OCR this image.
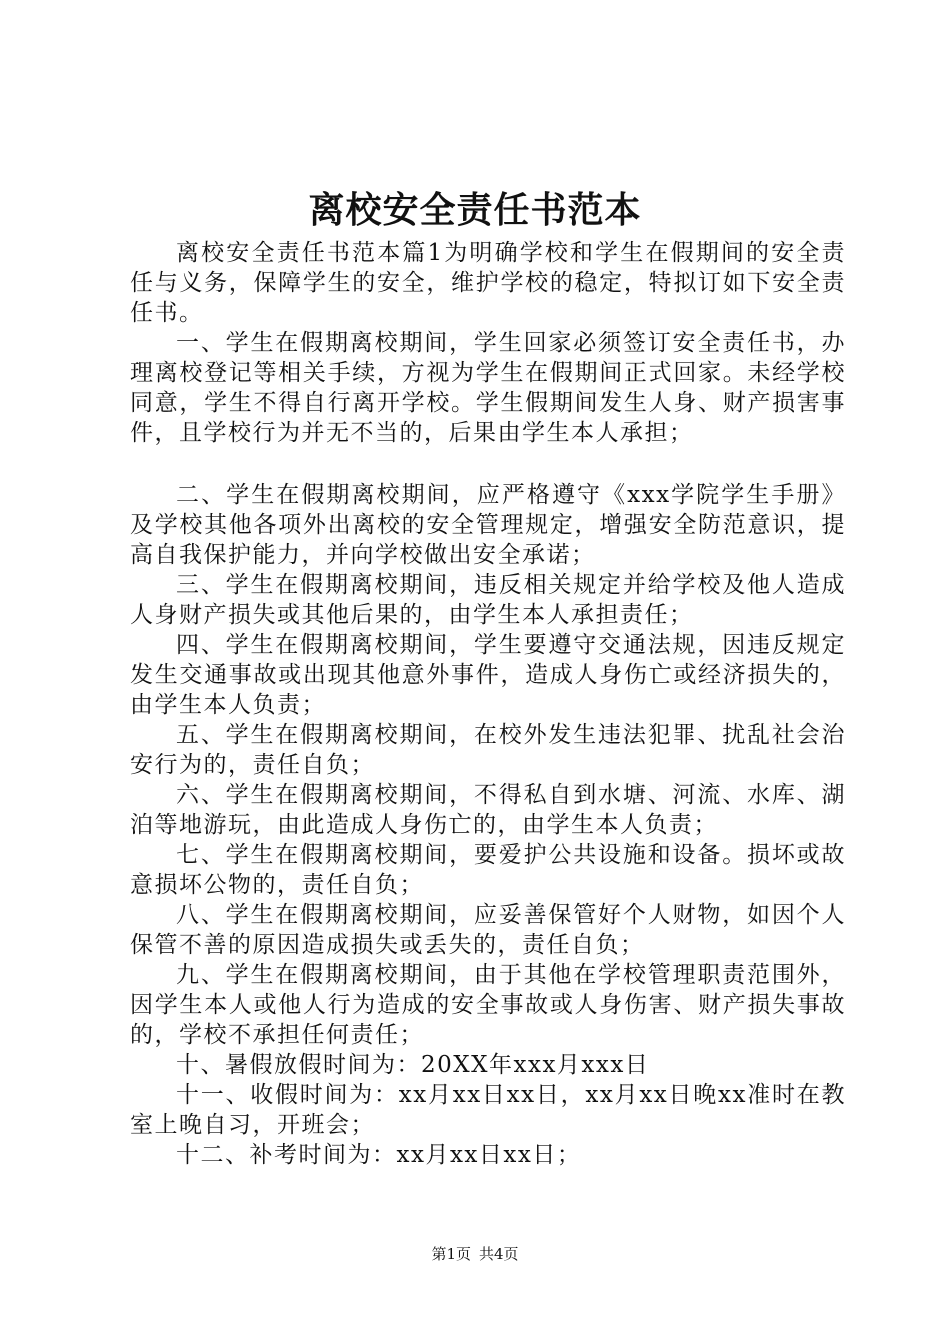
离校安全责任书范本

离校安全责任书范本篇1为明确学校和学生在假期间的安全责任与义务，保障学生的安全，维护学校的稳定，特拟订如下安全责任书。

一、学生在假期离校期间，学生回家必须签订安全责任书，办理离校登记等相关手续，方视为学生在假期间正式回家。未经学校同意，学生不得自行离开学校。学生假期间发生人身、财产损害事件，且学校行为并无不当的，后果由学生本人承担；

二、学生在假期离校期间，应严格遵守《xxx学院学生手册》及学校其他各项外出离校的安全管理规定，增强安全防范意识，提高自我保护能力，并向学校做出安全承诺；

三、学生在假期离校期间，违反相关规定并给学校及他人造成人身财产损失或其他后果的，由学生本人承担责任；

四、学生在假期离校期间，学生要遵守交通法规，因违反规定发生交通事故或出现其他意外事件，造成人身伤亡或经济损失的，由学生本人负责；

五、学生在假期离校期间，在校外发生违法犯罪、扰乱社会治安行为的，责任自负；

六、学生在假期离校期间，不得私自到水塘、河流、水库、湖泊等地游玩，由此造成人身伤亡的，由学生本人负责；

七、学生在假期离校期间，要爱护公共设施和设备。损坏或故意损坏公物的，责任自负；

八、学生在假期离校期间，应妥善保管好个人财物，如因个人保管不善的原因造成损失或丢失的，责任自负；

九、学生在假期离校期间，由于其他在学校管理职责范围外，因学生本人或他人行为造成的安全事故或人身伤害、财产损失事故的，学校不承担任何责任；

十、暑假放假时间为：20XX年xxx月xxx日

十一、收假时间为：xx月xx日xx日，xx月xx日晚xx准时在教室上晚自习，开班会；

十二、补考时间为：xx月xx日xx日；

第1页 共4页
